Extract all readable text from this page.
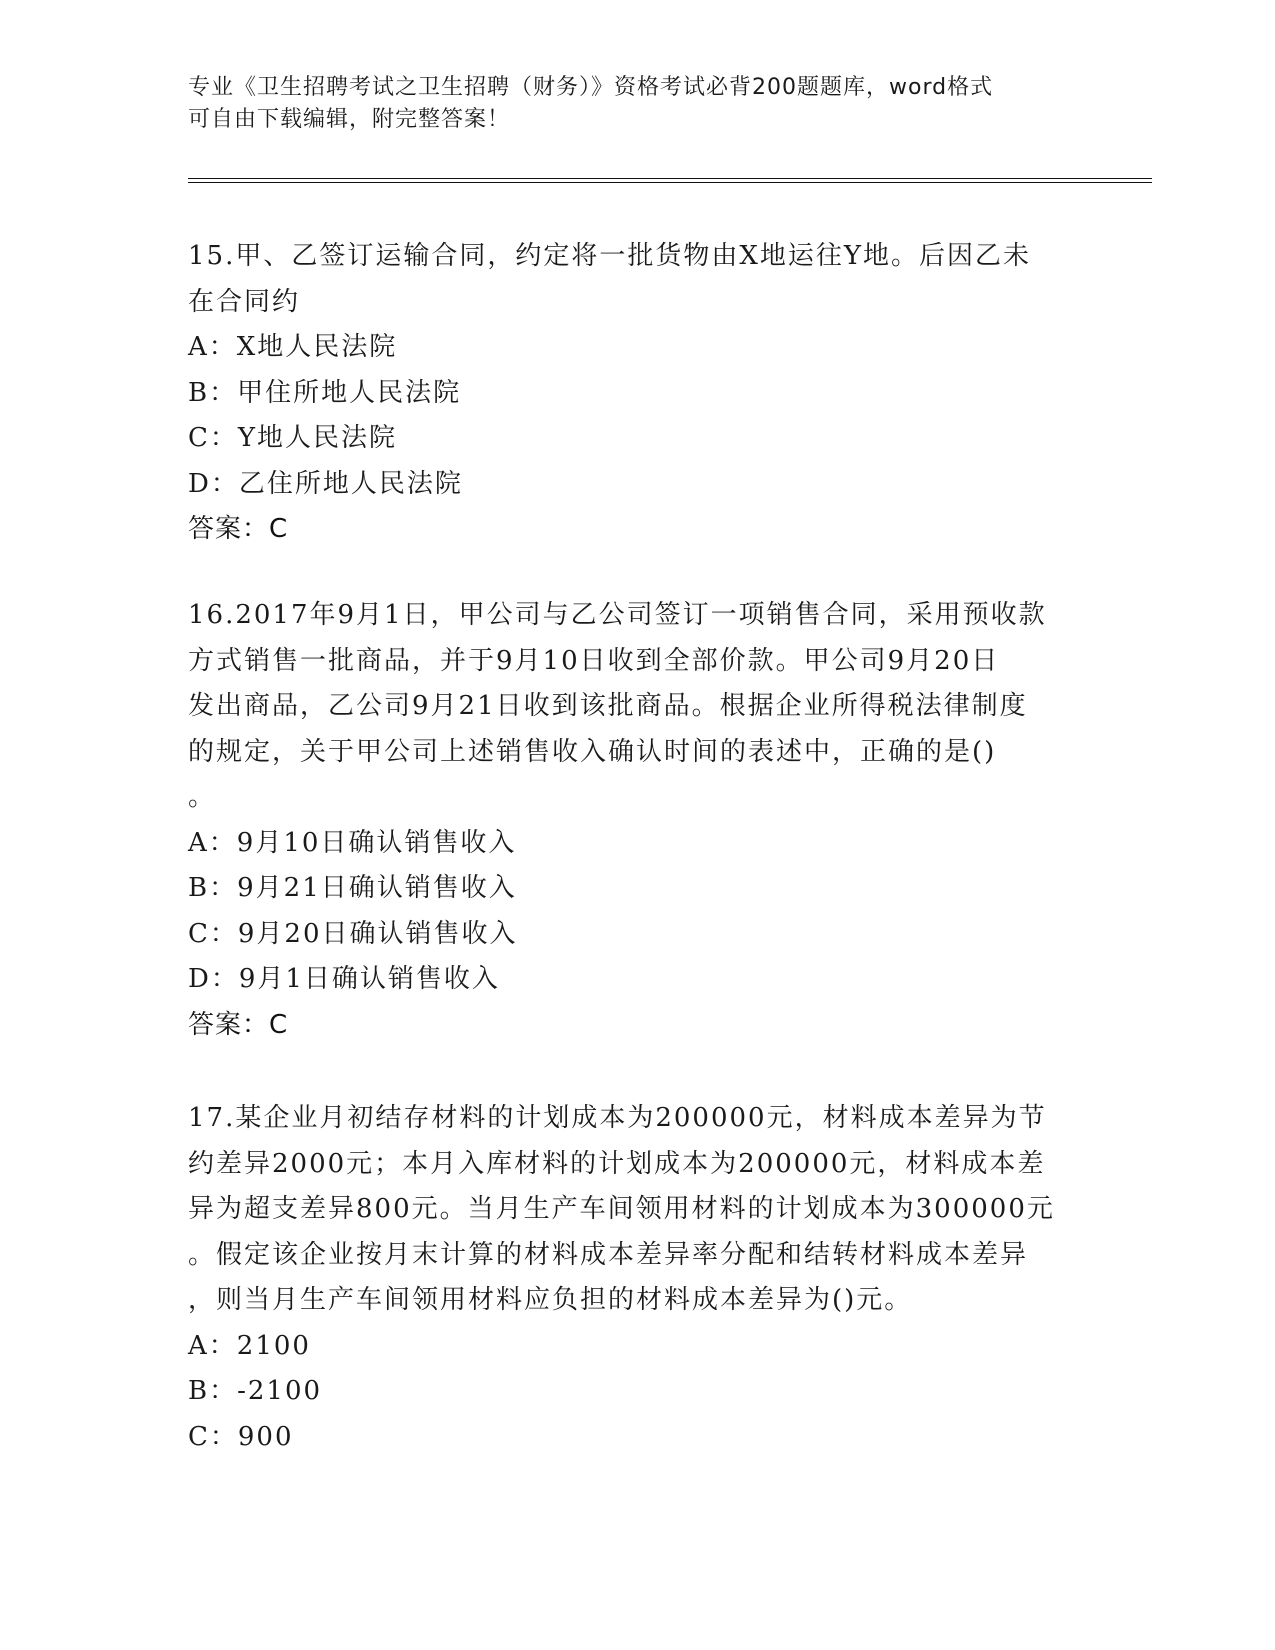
专业《卫生招聘考试之卫生招聘（财务）》资格考试必背200题题库，word格式
可自由下载编辑，附完整答案！
15.甲、乙签订运输合同，约定将一批货物由X地运往Y地。后因乙未
在合同约
A：X地人民法院
B：甲住所地人民法院
C：Y地人民法院
D：乙住所地人民法院
答案：C
16.2017年9月1日，甲公司与乙公司签订一项销售合同，采用预收款
方式销售一批商品，并于9月10日收到全部价款。甲公司9月20日
发出商品，乙公司9月21日收到该批商品。根据企业所得税法律制度
的规定，关于甲公司上述销售收入确认时间的表述中，正确的是()
。
A：9月10日确认销售收入
B：9月21日确认销售收入
C：9月20日确认销售收入
D：9月1日确认销售收入
答案：C
17.某企业月初结存材料的计划成本为200000元，材料成本差异为节
约差异2000元；本月入库材料的计划成本为200000元，材料成本差
异为超支差异800元。当月生产车间领用材料的计划成本为300000元
。假定该企业按月末计算的材料成本差异率分配和结转材料成本差异
，则当月生产车间领用材料应负担的材料成本差异为()元。
A：2100
B：-2100
C：900
